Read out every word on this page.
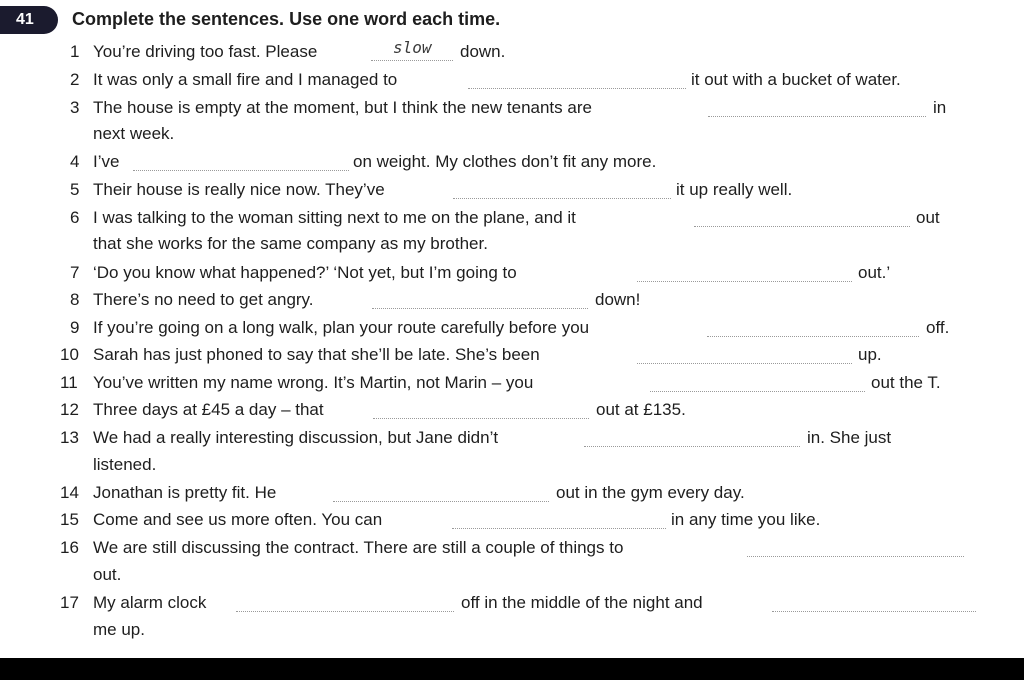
41	Complete the sentences. Use one word each time.
1 You’re driving too fast. Please	slow down.
2 It was only a small fire and I managed to	it out with a bucket of water.
3 The house is empty at the moment, but I think the new tenants are	in
next week.
4 I’ve	on weight. My clothes don’t fit any more.
5 Their house is really nice now. They’ve	it up really well.
6 I was talking to the woman sitting next to me on the plane, and it	out
that she works for the same company as my brother.
7 ‘Do you know what happened?’ ‘Not yet, but I’m going to	out.’
8 There’s no need to get angry.	down!
9 If you’re going on a long walk, plan your route carefully before you	off.
10 Sarah has just phoned to say that she’ll be late. She’s been	up.
11 You’ve written my name wrong. It’s Martin, not Marin – you	out the T.
12 Three days at £45 a day – that	out at £135.
13 We had a really interesting discussion, but Jane didn’t	in. She just
listened.
14 Jonathan is pretty fit. He	out in the gym every day.
15 Come and see us more often. You can	in any time you like.
16 We are still discussing the contract. There are still a couple of things to
out.
17 My alarm clock	off in the middle of the night and
me up.
